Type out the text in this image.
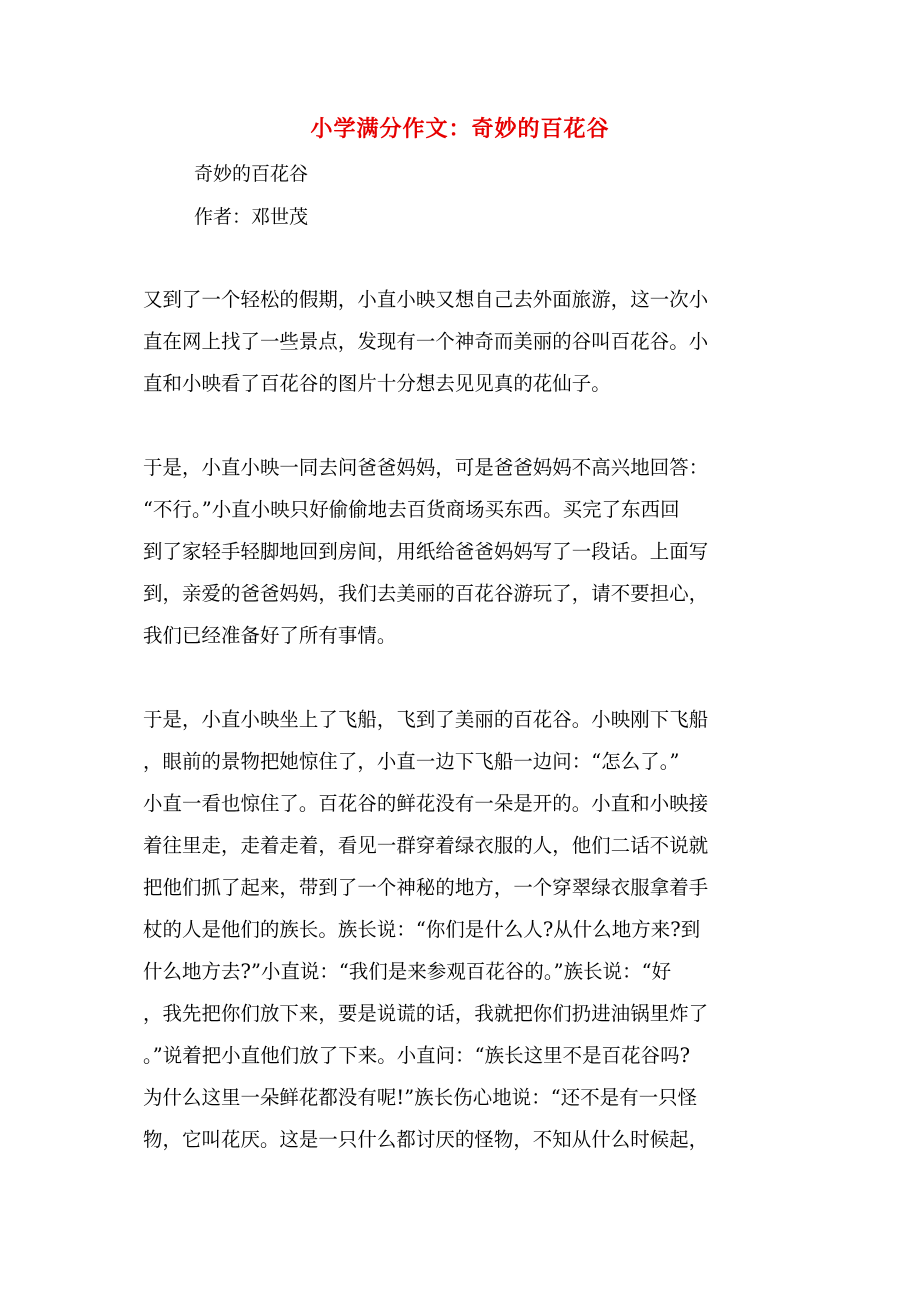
小学满分作文：奇妙的百花谷
奇妙的百花谷
作者：邓世茂
又到了一个轻松的假期，小直小映又想自己去外面旅游，这一次小
直在网上找了一些景点，发现有一个神奇而美丽的谷叫百花谷。小
直和小映看了百花谷的图片十分想去见见真的花仙子。
于是，小直小映一同去问爸爸妈妈，可是爸爸妈妈不高兴地回答：
“不行。”小直小映只好偷偷地去百货商场买东西。买完了东西回
到了家轻手轻脚地回到房间，用纸给爸爸妈妈写了一段话。上面写
到，亲爱的爸爸妈妈，我们去美丽的百花谷游玩了，请不要担心，
我们已经准备好了所有事情。
于是，小直小映坐上了飞船，飞到了美丽的百花谷。小映刚下飞船
，眼前的景物把她惊住了，小直一边下飞船一边问：“怎么了。”
小直一看也惊住了。百花谷的鲜花没有一朵是开的。小直和小映接
着往里走，走着走着，看见一群穿着绿衣服的人，他们二话不说就
把他们抓了起来，带到了一个神秘的地方，一个穿翠绿衣服拿着手
杖的人是他们的族长。族长说：“你们是什么人?从什么地方来?到
什么地方去?”小直说：“我们是来参观百花谷的。”族长说：“好
，我先把你们放下来，要是说谎的话，我就把你们扔进油锅里炸了
。”说着把小直他们放了下来。小直问：“族长这里不是百花谷吗?
为什么这里一朵鲜花都没有呢!”族长伤心地说：“还不是有一只怪
物，它叫花厌。这是一只什么都讨厌的怪物，不知从什么时候起，
